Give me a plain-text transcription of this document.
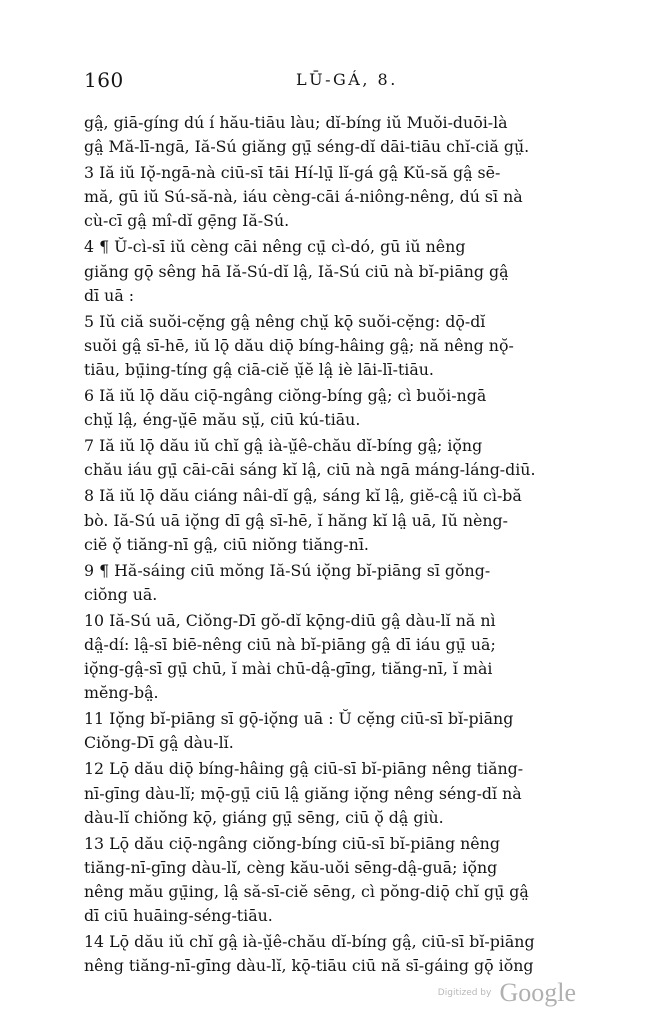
160	LŪ-GÁ, 8.
gâ̤, giā-gíng dú í hău-tiāu làu; dĭ-bíng iŭ Muŏi-duōi-là
gâ̤ Mă-lī-ngā, Iă-Sú giăng gṳ̄ séng-dĭ dāi-tiāu chĭ-ciă gṳ̆.
3 Iă iŭ Iǫ̆-ngā-nà ciū-sī tāi Hí-lṳ̄ lĭ-gá gâ̤ Kŭ-să gâ̤ sē-
mă, gū iŭ Sú-să-nà, iáu cèng-cāi á-niông-nêng, dú sī nà
cù-cī gâ̤ mî-dĭ gẹ̄ng Iă-Sú.
4 ¶ Ŭ-cì-sī iŭ cèng cāi nêng cṳ̄ cì-dó, gū iŭ nêng
giăng gǭ sêng hā Iă-Sú-dĭ lâ̤, Iă-Sú ciū nà bĭ-piāng gâ̤
dī uā :
5 Iŭ ciă suŏi-cẹ̆ng gâ̤ nêng chṳ̆ kǭ suŏi-cẹ̆ng: dǭ-dĭ
suŏi gâ̤ sī-hē, iŭ lǭ dău diǭ bíng-hâing gâ̤; nă nêng nǫ̆-
tiāu, bṳ̄ing-tíng gâ̤ ciā-ciĕ ṳ̆ĕ lâ̤ iè lāi-lī-tiāu.
6 Iă iŭ lǭ dău ciǭ-ngâng ciŏng-bíng gâ̤; cì buŏi-ngā
chṳ̆ lâ̤, éng-ṳ̆ē mău sṳ̆, ciū kú-tiāu.
7 Iă iŭ lǭ dău iŭ chĭ gâ̤ ià-ṳ̆ê-chău dĭ-bíng gâ̤; iǫ̆ng
chău iáu gṳ̄ cāi-cāi sáng kĭ lâ̤, ciū nà ngā máng-láng-diū.
8 Iă iŭ lǭ dău ciáng nâi-dĭ gâ̤, sáng kĭ lâ̤, giĕ-câ̤ iŭ cì-bă
bò. Iă-Sú uā iǫ̆ng dī gâ̤ sī-hē, ĭ hăng kĭ lâ̤ uā, Iŭ nèng-
ciĕ ǫ̆ tiăng-nī gâ̤, ciū niŏng tiăng-nī.
9 ¶ Hă-sáing ciū mŏng Iă-Sú iǫ̆ng bĭ-piāng sī gŏng-
ciŏng uā.
10 Iă-Sú uā, Ciŏng-Dī gŏ-dĭ kǭng-diū gâ̤ dàu-lĭ nă nì
dâ̤-dí: lâ̤-sī biē-nêng ciū nà bĭ-piāng gâ̤ dī iáu gṳ̄ uā;
iǫ̆ng-gâ̤-sī gṳ̄ chū, ĭ mài chū-dâ̤-gīng, tiăng-nī, ĭ mài
mĕng-bâ̤.
11 Iǫ̆ng bĭ-piāng sī gǭ-iǫ̆ng uā : Ŭ cẹ̆ng ciū-sī bĭ-piāng
Ciŏng-Dī gâ̤ dàu-lĭ.
12 Lǭ dău diǭ bíng-hâing gâ̤ ciū-sī bĭ-piāng nêng tiăng-
nī-gīng dàu-lĭ; mǭ-gṳ̄ ciū lâ̤ giăng iǫ̆ng nêng séng-dĭ nà
dàu-lĭ chiŏng kǭ, giáng gṳ̄ sēng, ciū ǫ̆ dâ̤ giù.
13 Lǭ dău ciǭ-ngâng ciŏng-bíng ciū-sī bĭ-piāng nêng
tiăng-nī-gīng dàu-lĭ, cèng kău-uŏi sēng-dâ̤-guā; iǫ̆ng
nêng mău gṳ̄ing, lâ̤ să-sī-ciĕ sēng, cì pŏng-diǭ chĭ gṳ̄ gâ̤
dī ciū huāing-séng-tiāu.
14 Lǭ dău iŭ chĭ gâ̤ ià-ṳ̆ê-chău dĭ-bíng gâ̤, ciū-sī bĭ-piāng
nêng tiăng-nī-gīng dàu-lĭ, kǭ-tiāu ciū nă sī-gáing gǭ iŏng
Digitized by Google
